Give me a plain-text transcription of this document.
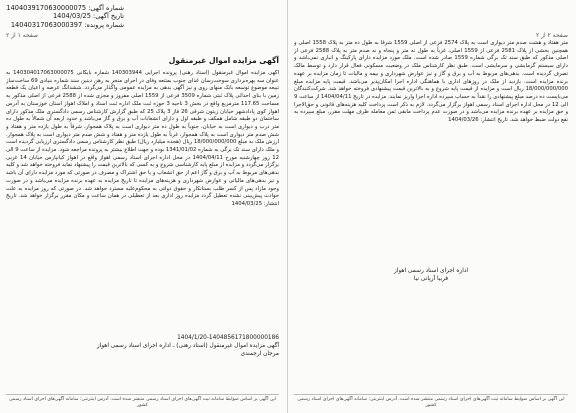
شماره آگهی: 1404039170630000075
تاریخ آگهی: 1404/03/25
شماره پرونده: 14040317063000397
صفحه ۱ از ۲
آگهی مزایده اموال غیرمنقول
آگهی مزایده اموال غیرمنقول (اسناد رهنی) پرونده اجرایی 140303944 شماره بایگانی 140304017063000075 به عنوان سه بهره‌برداری سوخت‌رسان غذای جنوب بمتنعه وفای در اجرای منجر به رهن دینین سند شماره بنیادی 69 ساخت‌ساز تبیعه موضوع توسعه بانک منهای روی و نیز آگهی بدهی به مزایده عمومی واگذار می‌گردد. ششدانگ عرصه و اعیان یک قطعه زمین با بنای احداثی پلاک ثبتی شماره 3509 فرعی از 1559 اصلی مفروز و مجزی شده از 2588 فرعی از اصلی مذکور به مساحت 117.65 مترمربع واقع در بخش 3 ناحیه 3 حوزه ثبت ملک اداره ثبت اسناد و املاک اهواز استان خوزستان به آدرس اهواز کوی پادادشهر خیابان زیتون شرقی 26 فاز 3 پلاک 25 که طبق گزارش کارشناس رسمی دادگستری ملک مذکور دارای ساختمان دو طبقه شامل همکف و طبقه اول و دارای انشعابات آب و برق و گاز می‌باشد و حدود اربعه آن شمالاً به طول ده متر درب و دیواری است به خیابان، جنوباً به طول ده متر دیواری است به پلاک همجوار، شرقاً به طول یازده متر و هفتاد و شش صدم متر دیواری است به پلاک همجوار، غرباً به طول یازده متر و هفتاد و شش صدم متر دیواری است به پلاک همجوار. ارزش ملک به مبلغ 18/000/000/000 ریال (هجده میلیارد ریال) طبق نظر کارشناس رسمی دادگستری ارزیابی گردیده است و ملک دارای سند تک برگی به شماره 1341/01/02 بوده و جهت اطلاع بیشتر به پرونده مراجعه شود. مزایده از ساعت 9 الی 12 روز چهارشنبه مورخ 1404/04/11 در محل اداره اجرای اسناد رسمی اهواز واقع در اهواز کیانپارس خیابان 14 غربی برگزار می‌گردد و مزایده از مبلغ پایه کارشناسی شروع و به کسی که بالاترین قیمت را پیشنهاد نماید فروخته خواهد شد و کلیه بدهی‌های مربوط به آب و برق و گاز اعم از حق انشعاب و یا حق اشتراک و مصرف در صورتی که مورد مزایده دارای آن باشد و نیز بدهی‌های مالیاتی و عوارض شهرداری و هزینه‌های مزایده تا تاریخ مزایده به عهده برنده مزایده می‌باشد و در صورت وجود مازاد پس از کسر طلب بستانکار و حقوق دولتی به محکوم‌علیه مسترد خواهد شد. در صورتی که روز مزایده به علت حوادث پیش‌بینی نشده تعطیل گردد مزایده روز اداری بعد از تعطیلی در همان ساعت و مکان مقرر برگزار خواهد شد. تاریخ انتشار: 1404/03/25
1404/1/20-1404856171800000186
آگهی مزایده اموال غیرمنقول (اسناد رهنی) ـ اداره اجرای اسناد رسمی اهواز
مرجان ارجمندی
این آگهی بر اساس ضوابط سامانه ثبت آگهی‌های اجرای اسناد رسمی منتشر شده است. آدرس اینترنتی: سامانه آگهی‌های اجرای اسناد رسمی کشور
صفحه ۲ از ۲
متر هفتاد و هشت صدم متر دیواری است به پلاک 2574 فرعی از اصلی 1559 شرقاً به طول ده متر به پلاک 1558 اصلی و همچنین بخشی از پلاک 2581 فرعی از 1559 اصلی، غرباً به طول نه متر و پنجاه و نه صدم متر به پلاک 2588 فرعی از اصلی مذکور که طبق سند تک برگی شماره 1559 صادر شده است. ملک مورد مزایده دارای پارکینگ و انباری نمی‌باشد و دارای سیستم گرمایشی و سرمایشی است. طبق نظر کارشناس ملک در وضعیت مسکونی فعال قرار دارد و توسط مالک تصرف گردیده است. بدهی‌های مربوط به آب و برق و گاز و نیز عوارض شهرداری و بیمه و مالیات تا زمان مزایده بر عهده برنده مزایده است. بازدید از ملک در روزهای اداری با هماهنگی اداره اجرا امکان‌پذیر می‌باشد. قیمت پایه مزایده مبلغ 18/000/000/000 ریال است و مزایده از قیمت پایه شروع و به بالاترین قیمت پیشنهادی فروخته خواهد شد. شرکت‌کنندگان می‌بایست ده درصد مبلغ پیشنهادی را نقداً به حساب سپرده اداره اجرا واریز نمایند. مزایده در تاریخ 1404/04/11 از ساعت 9 الی 12 در محل اداره اجرای اسناد رسمی اهواز برگزار می‌گردد. لازم به ذکر است پرداخت کلیه هزینه‌های قانونی و حق‌الاجرا و حق مزایده بر عهده برنده مزایده می‌باشد و در صورت عدم پرداخت مابقی ثمن معامله ظرف مهلت مقرر، مبلغ سپرده به نفع دولت ضبط خواهد شد. تاریخ انتشار: 1404/03/26
اداره اجرای اسناد رسمی اهواز
فربیا آریانی نیا
این آگهی بر اساس ضوابط سامانه ثبت آگهی‌های اجرای اسناد رسمی منتشر شده است. آدرس اینترنتی: سامانه آگهی‌های اجرای اسناد رسمی کشور
